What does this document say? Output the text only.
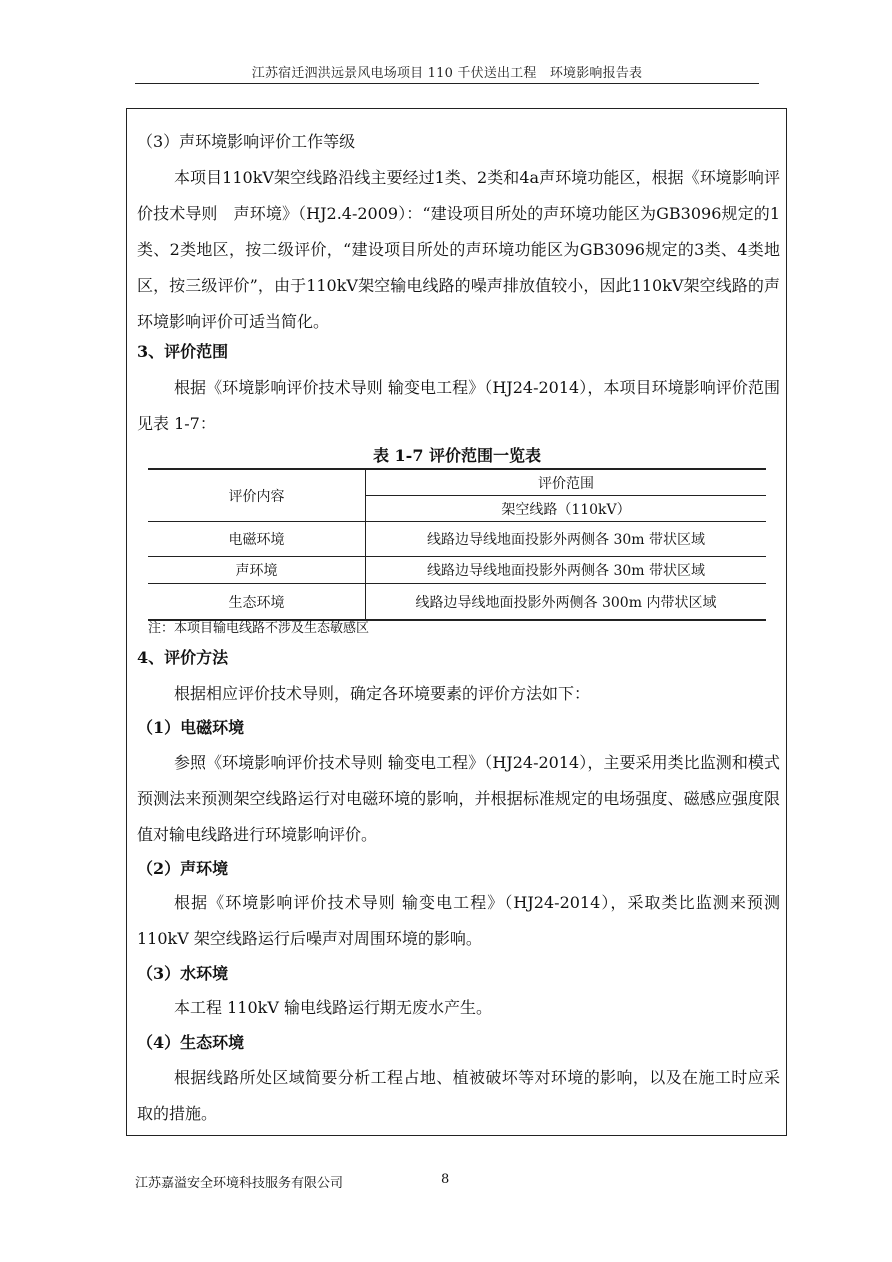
江苏宿迁泗洪远景风电场项目 110 千伏送出工程　环境影响报告表
（3）声环境影响评价工作等级
本项目110kV架空线路沿线主要经过1类、2类和4a声环境功能区，根据《环境影响评价技术导则　声环境》（HJ2.4-2009）：“建设项目所处的声环境功能区为GB3096规定的1类、2类地区，按二级评价，“建设项目所处的声环境功能区为GB3096规定的3类、4类地区，按三级评价”，由于110kV架空输电线路的噪声排放值较小，因此110kV架空线路的声环境影响评价可适当简化。
3、评价范围
根据《环境影响评价技术导则 输变电工程》（HJ24-2014），本项目环境影响评价范围见表 1-7：
表 1-7 评价范围一览表
评价内容	评价范围
	架空线路（110kV）
电磁环境	线路边导线地面投影外两侧各 30m 带状区域
声环境	线路边导线地面投影外两侧各 30m 带状区域
生态环境	线路边导线地面投影外两侧各 300m 内带状区域
注：本项目输电线路不涉及生态敏感区
4、评价方法
根据相应评价技术导则，确定各环境要素的评价方法如下：
（1）电磁环境
参照《环境影响评价技术导则 输变电工程》（HJ24-2014），主要采用类比监测和模式预测法来预测架空线路运行对电磁环境的影响，并根据标准规定的电场强度、磁感应强度限值对输电线路进行环境影响评价。
（2）声环境
根据《环境影响评价技术导则 输变电工程》（HJ24-2014），采取类比监测来预测 110kV 架空线路运行后噪声对周围环境的影响。
（3）水环境
本工程 110kV 输电线路运行期无废水产生。
（4）生态环境
根据线路所处区域简要分析工程占地、植被破坏等对环境的影响，以及在施工时应采取的措施。
江苏嘉溢安全环境科技服务有限公司	8
